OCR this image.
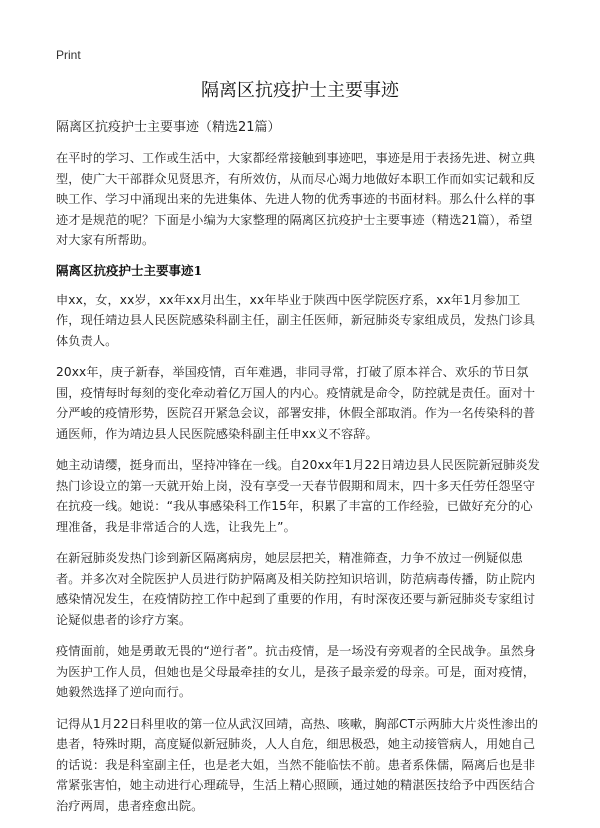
Print
隔离区抗疫护士主要事迹
隔离区抗疫护士主要事迹（精选21篇）

在平时的学习、工作或生活中，大家都经常接触到事迹吧，事迹是用于表扬先进、树立典型，使广大干部群众见贤思齐，有所效仿，从而尽心竭力地做好本职工作而如实记载和反映工作、学习中涌现出来的先进集体、先进人物的优秀事迹的书面材料。那么什么样的事迹才是规范的呢？下面是小编为大家整理的隔离区抗疫护士主要事迹（精选21篇），希望对大家有所帮助。

隔离区抗疫护士主要事迹1

申xx，女，xx岁，xx年xx月出生，xx年毕业于陕西中医学院医疗系，xx年1月参加工作，现任靖边县人民医院感染科副主任，副主任医师，新冠肺炎专家组成员，发热门诊具体负责人。

20xx年，庚子新春，举国疫情，百年难遇，非同寻常，打破了原本祥合、欢乐的节日氛围，疫情每时每刻的变化牵动着亿万国人的内心。疫情就是命令，防控就是责任。面对十分严峻的疫情形势，医院召开紧急会议，部署安排，休假全部取消。作为一名传染科的普通医师，作为靖边县人民医院感染科副主任申xx义不容辞。

她主动请缨，挺身而出，坚持冲锋在一线。自20xx年1月22日靖边县人民医院新冠肺炎发热门诊设立的第一天就开始上岗，没有享受一天春节假期和周末，四十多天任劳任怨坚守在抗疫一线。她说：“我从事感染科工作15年，积累了丰富的工作经验，已做好充分的心理准备，我是非常适合的人选，让我先上”。

在新冠肺炎发热门诊到新区隔离病房，她层层把关，精准筛查，力争不放过一例疑似患者。并多次对全院医护人员进行防护隔离及相关防控知识培训，防范病毒传播，防止院内感染情况发生，在疫情防控工作中起到了重要的作用，有时深夜还要与新冠肺炎专家组讨论疑似患者的诊疗方案。

疫情面前，她是勇敢无畏的“逆行者”。抗击疫情，是一场没有旁观者的全民战争。虽然身为医护工作人员，但她也是父母最牵挂的女儿，是孩子最亲爱的母亲。可是，面对疫情，她毅然选择了逆向而行。

记得从1月22日科里收的第一位从武汉回靖，高热、咳嗽，胸部CT示两肺大片炎性渗出的患者，特殊时期，高度疑似新冠肺炎，人人自危，细思极恐，她主动接管病人，用她自己的话说：我是科室副主任，也是老大姐，当然不能临怯不前。患者系侏儒，隔离后也是非常紧张害怕，她主动进行心理疏导，生活上精心照顾，通过她的精湛医技给予中西医结合治疗两周，患者痊愈出院。
